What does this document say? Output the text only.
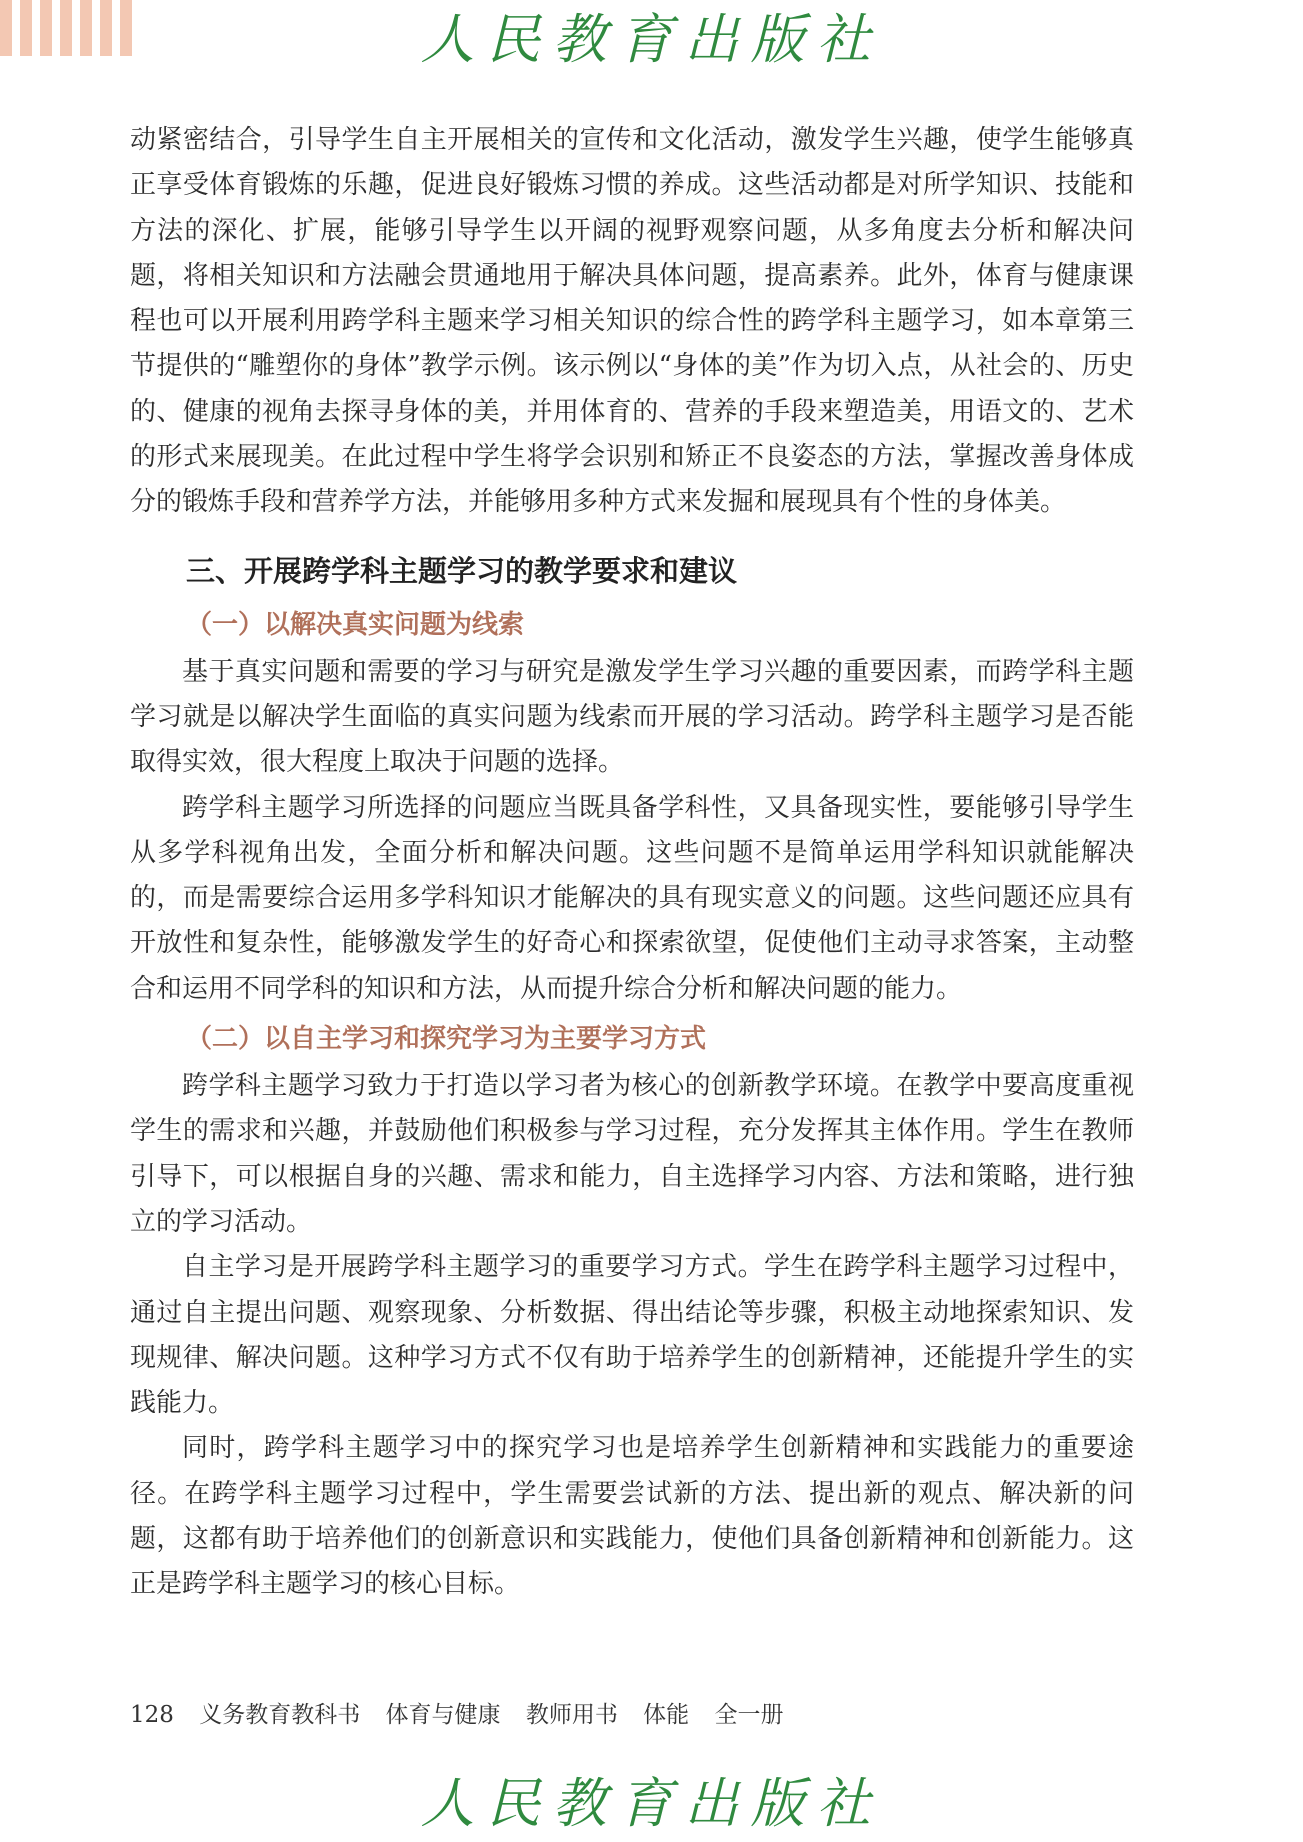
人民教育出版社

动紧密结合，引导学生自主开展相关的宣传和文化活动，激发学生兴趣，使学生能够真正享受体育锻炼的乐趣，促进良好锻炼习惯的养成。这些活动都是对所学知识、技能和方法的深化、扩展，能够引导学生以开阔的视野观察问题，从多角度去分析和解决问题，将相关知识和方法融会贯通地用于解决具体问题，提高素养。此外，体育与健康课程也可以开展利用跨学科主题来学习相关知识的综合性的跨学科主题学习，如本章第三节提供的“雕塑你的身体”教学示例。该示例以“身体的美”作为切入点，从社会的、历史的、健康的视角去探寻身体的美，并用体育的、营养的手段来塑造美，用语文的、艺术的形式来展现美。在此过程中学生将学会识别和矫正不良姿态的方法，掌握改善身体成分的锻炼手段和营养学方法，并能够用多种方式来发掘和展现具有个性的身体美。

三、开展跨学科主题学习的教学要求和建议
（一）以解决真实问题为线索

基于真实问题和需要的学习与研究是激发学生学习兴趣的重要因素，而跨学科主题学习就是以解决学生面临的真实问题为线索而开展的学习活动。跨学科主题学习是否能取得实效，很大程度上取决于问题的选择。

跨学科主题学习所选择的问题应当既具备学科性，又具备现实性，要能够引导学生从多学科视角出发，全面分析和解决问题。这些问题不是简单运用学科知识就能解决的，而是需要综合运用多学科知识才能解决的具有现实意义的问题。这些问题还应具有开放性和复杂性，能够激发学生的好奇心和探索欲望，促使他们主动寻求答案，主动整合和运用不同学科的知识和方法，从而提升综合分析和解决问题的能力。

（二）以自主学习和探究学习为主要学习方式

跨学科主题学习致力于打造以学习者为核心的创新教学环境。在教学中要高度重视学生的需求和兴趣，并鼓励他们积极参与学习过程，充分发挥其主体作用。学生在教师引导下，可以根据自身的兴趣、需求和能力，自主选择学习内容、方法和策略，进行独立的学习活动。

自主学习是开展跨学科主题学习的重要学习方式。学生在跨学科主题学习过程中，通过自主提出问题、观察现象、分析数据、得出结论等步骤，积极主动地探索知识、发现规律、解决问题。这种学习方式不仅有助于培养学生的创新精神，还能提升学生的实践能力。

同时，跨学科主题学习中的探究学习也是培养学生创新精神和实践能力的重要途径。在跨学科主题学习过程中，学生需要尝试新的方法、提出新的观点、解决新的问题，这都有助于培养他们的创新意识和实践能力，使他们具备创新精神和创新能力。这正是跨学科主题学习的核心目标。

128 义务教育教科书 体育与健康 教师用书 体能 全一册
人民教育出版社
